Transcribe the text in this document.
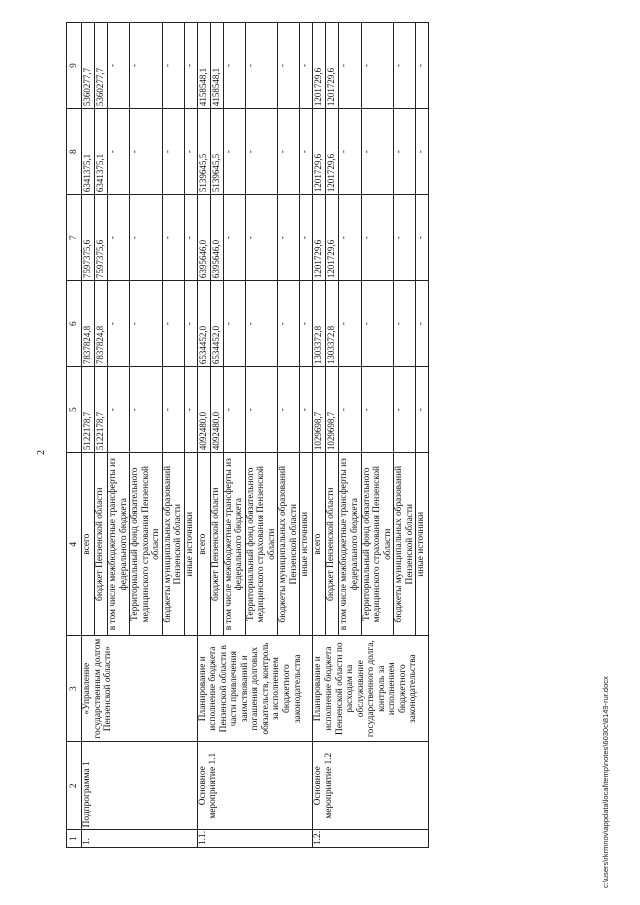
2
c:\users\rkrmnov\appdata\local\temp\notes\6030c\8149-rur.docx
1	2	3	4	5	6	7	8	9
1.	Подпрограмма 1	«Управление государственным долгом Пензенской области»	всего	5122178,7	7837824,8	7597375,6	6341375,1	5360277,7
			бюджет Пензенской области	5122178,7	7837824,8	7597375,6	6341375,1	5360277,7
			в том числе межбюджетные трансферты из федерального бюджета	-	-	-	-	-
			Территориальный фонд обязательного медицинского страхования Пензенской области	-	-	-	-	-
			бюджеты муниципальных образований Пензенской области	-	-	-	-	-
			иные источники	-	-	-	-	-
1.1.	Основное мероприятие 1.1	Планирование и исполнение бюджета Пензенской области в части привлечения заимствований и погашения долговых обязательств, контроль за исполнением бюджетного законодательства	всего	4092480,0	6534452,0	6395646,0	5139645,5	4158548,1
			бюджет Пензенской области	4092480,0	6534452,0	6395646,0	5139645,5	4158548,1
			в том числе межбюджетные трансферты из федерального бюджета	-	-	-	-	-
			Территориальный фонд обязательного медицинского страхования Пензенской области	-	-	-	-	-
			бюджеты муниципальных образований Пензенской области	-	-	-	-	-
			иные источники	-	-	-	-	-
1.2.	Основное мероприятие 1.2	Планирование и исполнение бюджета Пензенской области по расходам на обслуживание государственного долга, контроль за исполнением бюджетного законодательства	всего	1029698,7	1303372,8	1201729,6	1201729,6	1201729,6
			бюджет Пензенской области	1029698,7	1303372,8	1201729,6	1201729,6	1201729,6
			в том числе межбюджетные трансферты из федерального бюджета	-	-	-	-	-
			Территориальный фонд обязательного медицинского страхования Пензенской области	-	-	-	-	-
			бюджеты муниципальных образований Пензенской области	-	-	-	-	-
			иные источники	-	-	-	-	-
